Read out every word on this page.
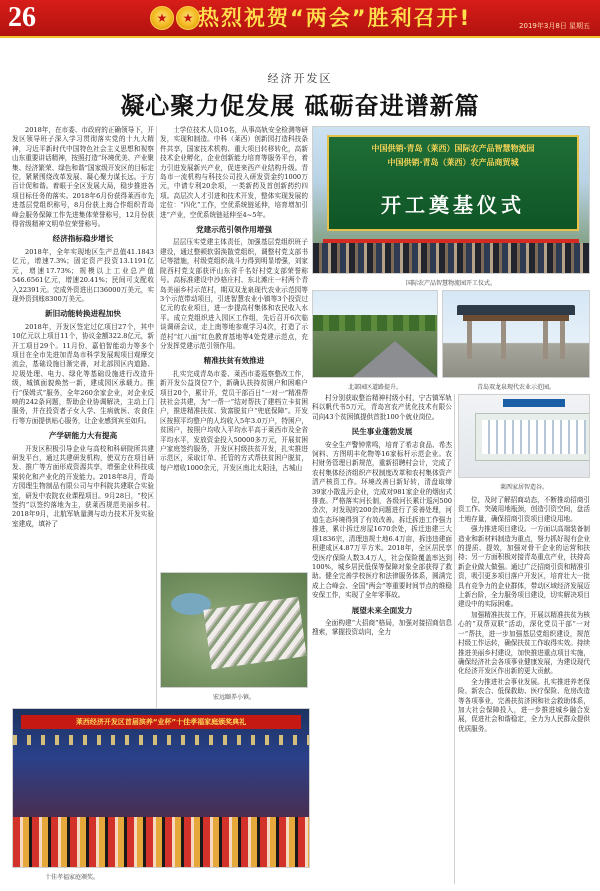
26 ★ ★	热烈祝贺“两会”胜利召开!	2019年3月8日 星期五
经济开发区
凝心聚力促发展 砥砺奋进谱新篇

2018年，在市委、市政府的正确领导下，开发区领导班子深入学习贯彻落实党的十九大精神，习近平新时代中国特色社会主义思想和视察山东重要讲话精神，按照打造“环境优美、产业聚集、经济繁荣、绿色和谐”国家级开发区的目标定位，紧紧围绕改革发展、凝心聚力谋长远。于方百计促和谐。着眼于全区发展大局，稳步推进各项目标任务的落实。2018年6月份获得莱西市先进基层党组织称号，8月份获上海合作组织青岛峰会服务保障工作先进集体荣誉称号，12月份获得省级精神文明单位荣誉称号。

经济指标稳步增长

2018年，全年实现地区生产总值41.1843亿元，增速7.3%；固定资产投资13.1191亿元，增速17.73%；规模以上工业总产值546.6561亿元，增速20.41%；民间可支配收入22391元。完成外资进出口36000万美元，实现外资到账8300万美元。

新旧动能转换进程加快

2018年，开发区签定过亿项目27个，其中10亿元以上项目11个，协议金额322.8亿元，新开工项目29个。11月份，嘉伯智能动力等多个项目在全市先进加青岛市科学发展观项目观摩交流会，基础设施目渐完善，对北部园区内道路、垃圾处理、电力、绿化等基础设施进行改造升级，城镇面貌焕然一新，建成园区承载力。推行“保姆式”服务，全年260余家企业，对企业反映的242条问题，帮助企业协调解决，主动上门服务，并在投资者子女入学、生病就医、农食住行等方面提供贴心服务，让企业感到宾至如归。

产学研能力大有提高

开发区积极引导企业与高校和科研院所共建研发平台，通过共建研发机构，使双方在项目研发、推广等方面形成资源共享，增强企业科技成果转化和产业化的开发能力。2018年8月，青岛方园理生物制品有限公司与中科院共建联合实验室，研发中农院农业课程项目。9月28日，“校区签约”以签约落地为主，获莱西规范美丽乡村。2018年9月，北航军轨量测与动力技术开发实验室建成，填补了

士学位技术人员10名，从事高轨安全检测等研发，实现和制造。中科（莱西）创新园打造科技条件共享，国家技术机构、重大项目转移转化，高新技术企业孵化，企业创新能力培育等服务平台，着力引进发展新兴产业，促进来西产业结构升级。青岛市一流机构与科技公司投入研发资金约1000万元，中请专利20余项，一类新药及首创新药约四项。高层次人才引进和技术开发，整体实现发展的定位：“四化”工作，空优系统链延伸，培育增加引进“产业，空优系统链延伸至4~5年。

党建示范引领作用增强

层层压实党建主体责任，加强基层党组织班子建设，通过整顿软弱涣散党组织，调整村党支部书记等措施，村级党组织战斗力得到明显增强，刘家院西村党支部获评山东省千名好村党支部荣誉称号。高标准建设中沙格庄村、东北滩庄一村两个青岛美丽乡村示范村，期双双龙泉现代农业示范园等3个示范带动项目，引进智慧农业小镇等3个投资过亿元的农业项目，进一步提高村集体和农民收入水平。成立党组织进入园区工作组，先后召开6次临谈调研会议，走上南等地参观学习4次，打造了示范村“红八面”红色教育基地等4处党建示范点，充分发挥党建示范引领作用。

精准扶贫有效推进

扎实完成青岛市委、莱西市委巡察整改工作，新开发公益岗位7个，新确认扶持贫困户和困难户项目20个，累计开，党员干部百日“一对一”精准帮扶社会共建，为“一帮一”结对帮扶了建档立卡贫困户，推进精准扶贫、致富脱贫户“兜底保障”。开发区按照平均整户的人均收入5年3.0万户，特困户，贫困户，按照户均收入平均水平高于莱西市及全省平均水平，发放资金投入50000多万元，开展贫困户家庭签约服务，开发区村级扶贫开发，扎实推进示范区，采取订单、托管的方式帮扶贫困户脱贫，每户增收1000余元，开发区南北太阳洼，古城山

中国供销·青岛（莱西）国际农产品智慧物流园
中国供销·青岛（莱西）农产品商贸城
开工奠基仪式
国际农产品智慧物流园开工仪式。
北部园区道路提升。	青岛双龙泉现代农业示范园。

村分别获取整治精神村级小村，宁古镇军轨科以帆代书5万元，青岛宫农产优化技术有限公司向43个贫困镇提供首批100个就业岗位。

民生事业蓬勃发展

安全生产警钟常鸣，培育了希志食品、希杰饲料、方图明丰化物等16家标杆示范企业。农村财务管理日新规范，重新招聘村会计，完成了农村集体经济组织产权制度改革和农村集体资产清产核资工作。环境改善日新好转，清盘取缔39家小散乱污企业，完成对981家企业的烟囱式排查。严格落实河长制，各级河长累计巡河500余次，对发现的200余问题进行了妥善处理，河道生态环境得到了有效改善。拆迁拆违工作强力推进，累计拆迁房屋1670余处，拆迁违建三大项1836宗，清理违规土地6.4万亩，拆违违建面积建成区4.87万平方米。2018年，全区居民享受医疗保险人数3.4万人，社会保险覆盖率达到100%，城乡居民低保等保障对象全部获得了救助。健全完善学校医疗和法律服务体系，圆满完成上合峰会、全国“两会”等重要时间节点的维稳安保工作，实现了全年零事故。

展望未来全面发力

全面构建“大招商”格局，加强对接招商信息搜索，掌握投资动向，全力

莱西家居智造谷。

位，及时了解招商动态，不断推动招商引资工作。突破用地瓶颈，创造引资空间，盘活土地存量，确保招商引资项目建设用地。

强力推进项目建设。一方面以高端装备制造业和新材料制造为重点，努力抓好现有企业的提质、提效，加强对骨干企业的运营和扶持；另一方面积极对接青岛重点产业，扶持高新企业做大做强。通过广泛招商引资和精准引资，吸引更多项目落户开发区，培育壮大一批具有竞争力的企业群体，带动区域经济发展迈上新台阶，全力服务项目建设，切实解决项目建设中的实际困难。

加强精准扶贫工作，开展以精准扶贫为核心的“双帮双联”活动，深化党员干部“一对一”帮扶，进一步加强基层党组织建设，规范村级工作运转，确保扶贫工作取得实效。持续推进美丽乡村建设，加快推进重点项目实施，确保经济社会各项事业健康发展，为建设现代化经济开发区作出新的更大贡献。

全力推进社会事业发展。扎实推进养老保险、新农合、低保救助、医疗保险、危房改造等各项事业，完善扶贫济困和社会救助体系，加大社会保障投入，进一步推进城乡融合发展，促进社会和谐稳定，全力为人民群众提供优质服务。

宏远颐养小镇。
莱西经济开发区首届滨养“业杯”十佳孝福家庭颁奖典礼
十佳孝福家庭颁奖。
